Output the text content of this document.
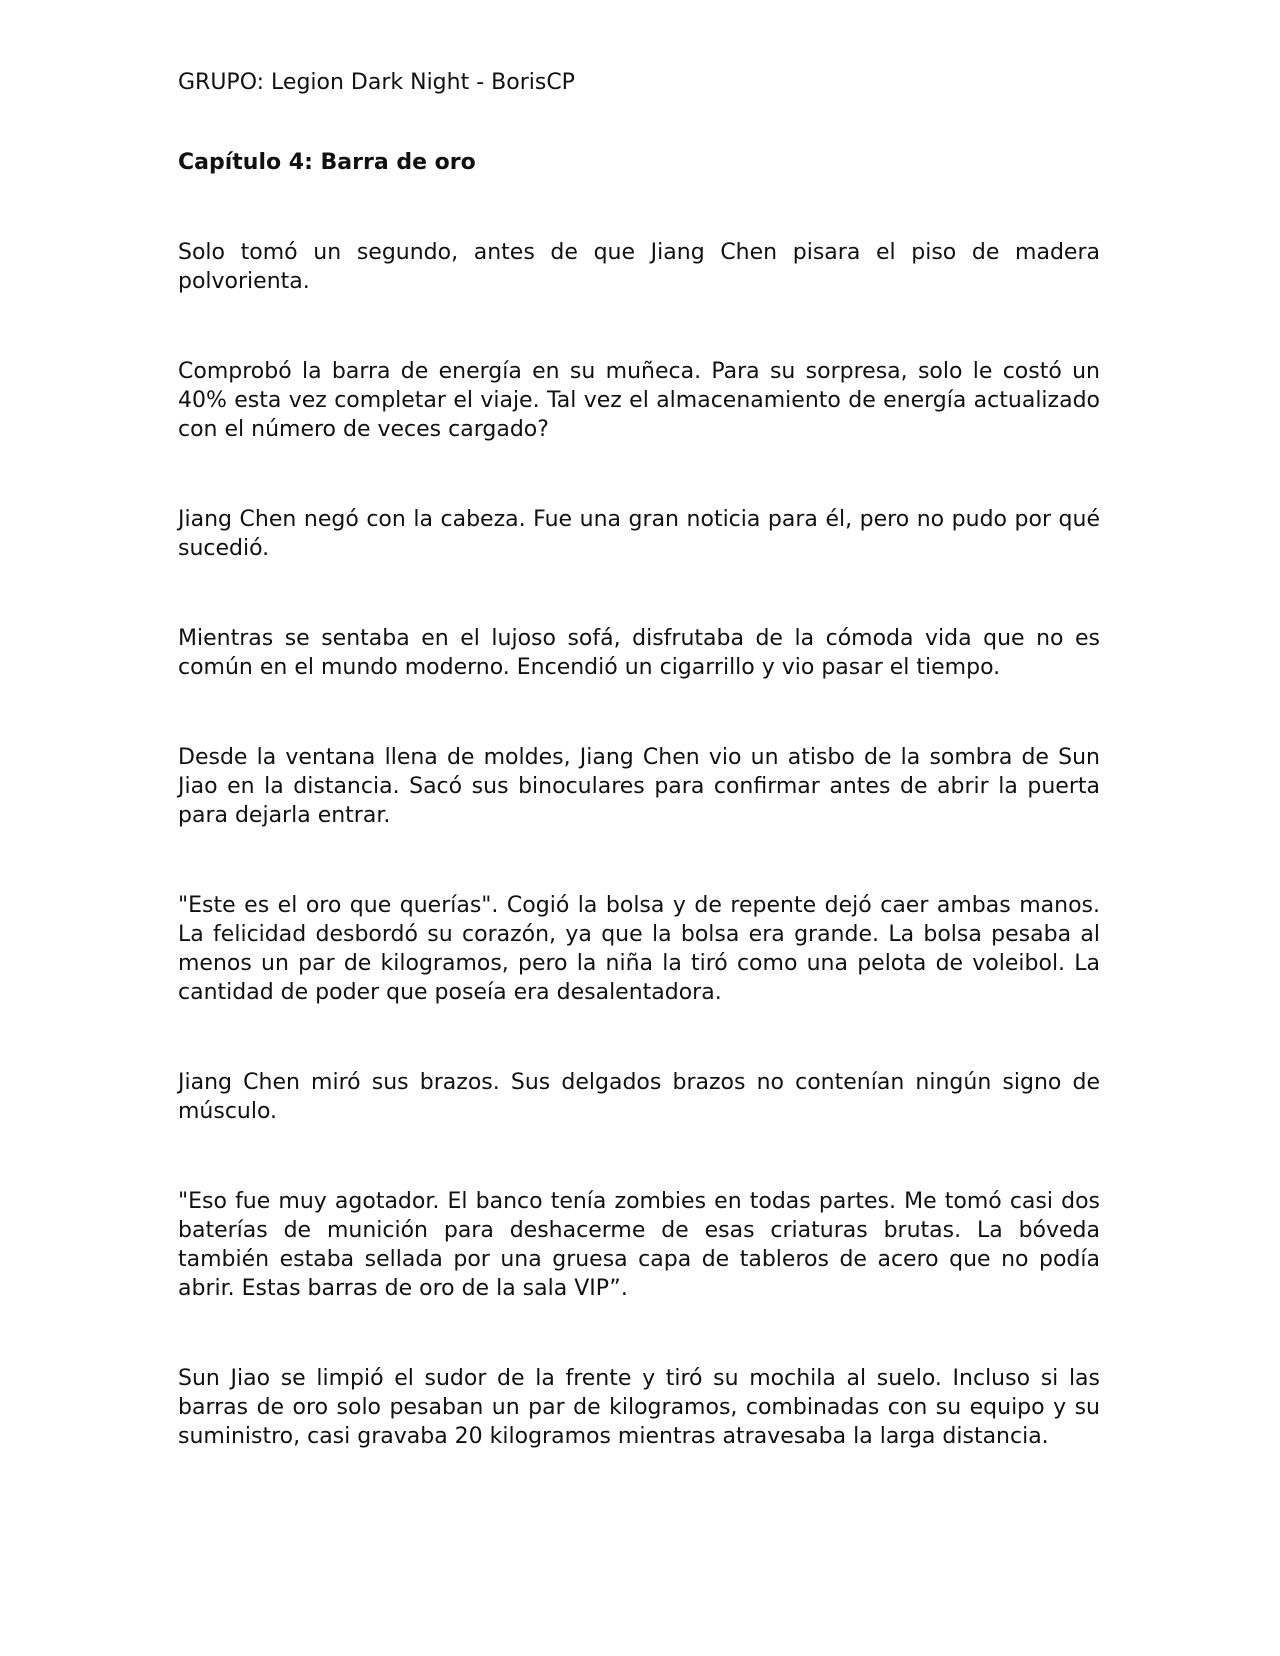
GRUPO: Legion Dark Night - BorisCP

Capítulo 4: Barra de oro

Solo tomó un segundo, antes de que Jiang Chen pisara el piso de madera polvorienta.

Comprobó la barra de energía en su muñeca. Para su sorpresa, solo le costó un 40% esta vez completar el viaje. Tal vez el almacenamiento de energía actualizado con el número de veces cargado?

Jiang Chen negó con la cabeza. Fue una gran noticia para él, pero no pudo por qué sucedió.

Mientras se sentaba en el lujoso sofá, disfrutaba de la cómoda vida que no es común en el mundo moderno. Encendió un cigarrillo y vio pasar el tiempo.

Desde la ventana llena de moldes, Jiang Chen vio un atisbo de la sombra de Sun Jiao en la distancia. Sacó sus binoculares para confirmar antes de abrir la puerta para dejarla entrar.

"Este es el oro que querías". Cogió la bolsa y de repente dejó caer ambas manos. La felicidad desbordó su corazón, ya que la bolsa era grande. La bolsa pesaba al menos un par de kilogramos, pero la niña la tiró como una pelota de voleibol. La cantidad de poder que poseía era desalentadora.

Jiang Chen miró sus brazos. Sus delgados brazos no contenían ningún signo de músculo.

"Eso fue muy agotador. El banco tenía zombies en todas partes. Me tomó casi dos baterías de munición para deshacerme de esas criaturas brutas. La bóveda también estaba sellada por una gruesa capa de tableros de acero que no podía abrir. Estas barras de oro de la sala VIP”.

Sun Jiao se limpió el sudor de la frente y tiró su mochila al suelo. Incluso si las barras de oro solo pesaban un par de kilogramos, combinadas con su equipo y su suministro, casi gravaba 20 kilogramos mientras atravesaba la larga distancia.
